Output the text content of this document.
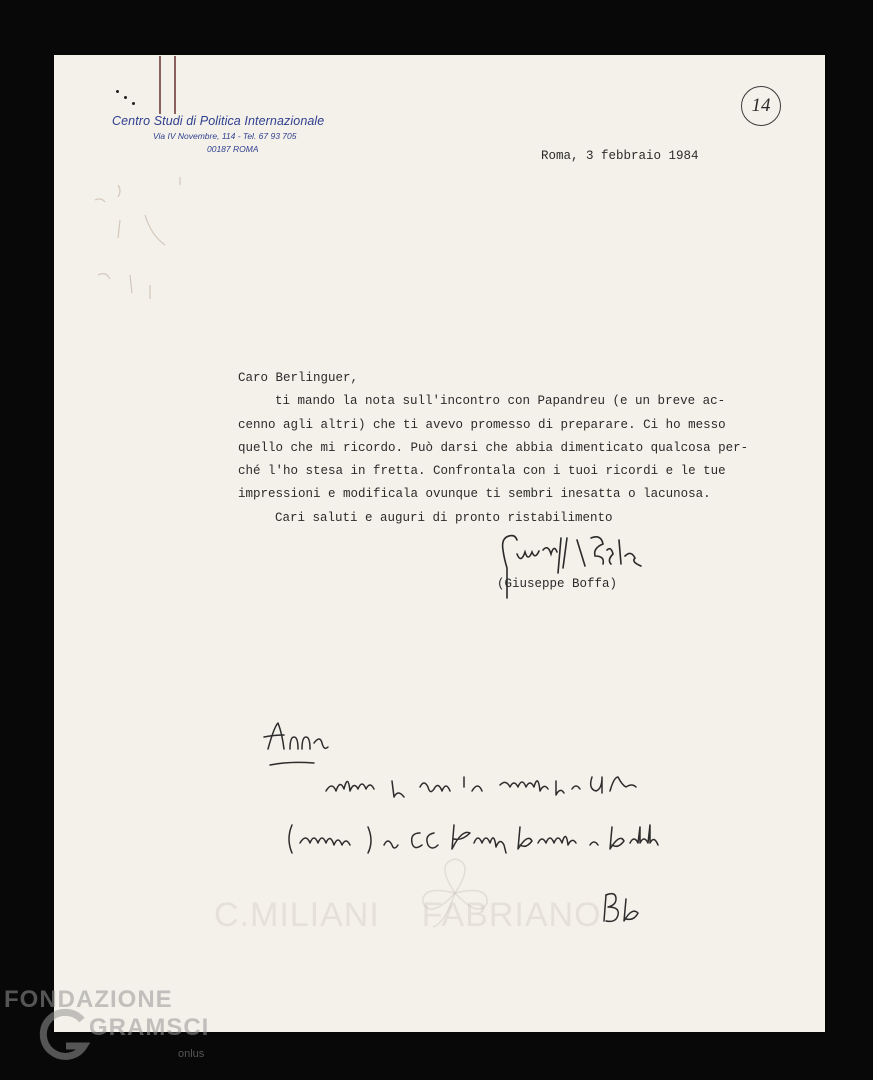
Centro Studi di Politica Internazionale
Via IV Novembre, 114 - Tel. 67 93 705
00187 ROMA
14
Roma, 3 febbraio 1984
Caro Berlinguer,
ti mando la nota sull'incontro con Papandreu (e un breve ac-
cenno agli altri) che ti avevo promesso di preparare. Ci ho messo
quello che mi ricordo. Può darsi che abbia dimenticato qualcosa per-
ché l'ho stesa in fretta. Confrontala con i tuoi ricordi e le tue
impressioni e modificala ovunque ti sembri inesatta o lacunosa.
Cari saluti e auguri di pronto ristabilimento
(Giuseppe Boffa)
C.MILIANI    FABRIANO
FONDAZIONE
GRAMSCI
onlus
